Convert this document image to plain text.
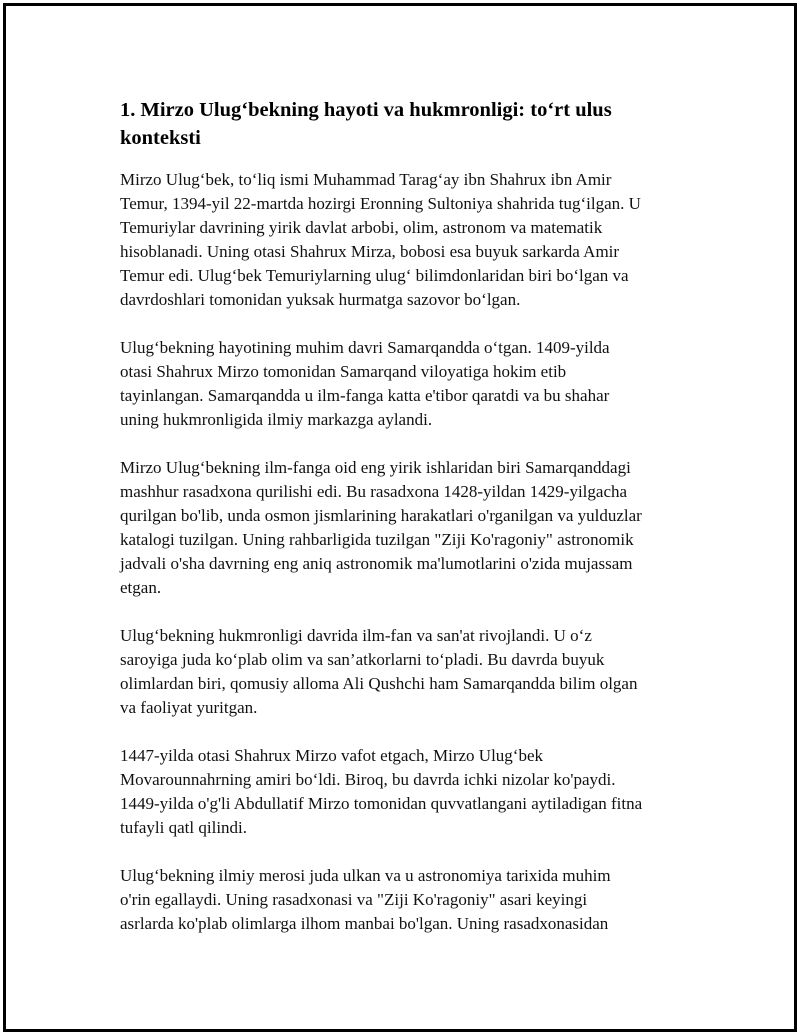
1. Mirzo Ulug‘bekning hayoti va hukmronligi: to‘rt ulus
konteksti

Mirzo Ulug‘bek, to‘liq ismi Muhammad Tarag‘ay ibn Shahrux ibn Amir
Temur, 1394-yil 22-martda hozirgi Eronning Sultoniya shahrida tug‘ilgan. U
Temuriylar davrining yirik davlat arbobi, olim, astronom va matematik
hisoblanadi. Uning otasi Shahrux Mirza, bobosi esa buyuk sarkarda Amir
Temur edi. Ulug‘bek Temuriylarning ulug‘ bilimdonlaridan biri bo‘lgan va
davrdoshlari tomonidan yuksak hurmatga sazovor bo‘lgan.

Ulug‘bekning hayotining muhim davri Samarqandda o‘tgan. 1409-yilda
otasi Shahrux Mirzo tomonidan Samarqand viloyatiga hokim etib
tayinlangan. Samarqandda u ilm-fanga katta e'tibor qaratdi va bu shahar
uning hukmronligida ilmiy markazga aylandi.

Mirzo Ulug‘bekning ilm-fanga oid eng yirik ishlaridan biri Samarqanddagi
mashhur rasadxona qurilishi edi. Bu rasadxona 1428-yildan 1429-yilgacha
qurilgan bo'lib, unda osmon jismlarining harakatlari o'rganilgan va yulduzlar
katalogi tuzilgan. Uning rahbarligida tuzilgan "Ziji Ko'ragoniy" astronomik
jadvali o'sha davrning eng aniq astronomik ma'lumotlarini o'zida mujassam
etgan.

Ulug‘bekning hukmronligi davrida ilm-fan va san'at rivojlandi. U o‘z
saroyiga juda ko‘plab olim va san’atkorlarni to‘pladi. Bu davrda buyuk
olimlardan biri, qomusiy alloma Ali Qushchi ham Samarqandda bilim olgan
va faoliyat yuritgan.

1447-yilda otasi Shahrux Mirzo vafot etgach, Mirzo Ulug‘bek
Movarounnahrning amiri bo‘ldi. Biroq, bu davrda ichki nizolar ko'paydi.
1449-yilda o'g'li Abdullatif Mirzo tomonidan quvvatlangani aytiladigan fitna
tufayli qatl qilindi.

Ulug‘bekning ilmiy merosi juda ulkan va u astronomiya tarixida muhim
o'rin egallaydi. Uning rasadxonasi va "Ziji Ko'ragoniy" asari keyingi
asrlarda ko'plab olimlarga ilhom manbai bo'lgan. Uning rasadxonasidan
